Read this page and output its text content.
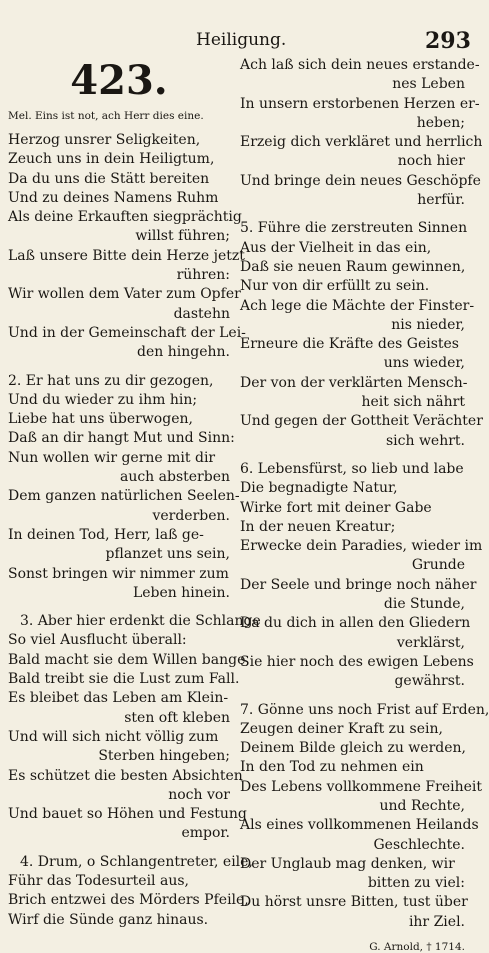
Heiligung.	293
423.
Mel. Eins ist not, ach Herr dies eine.
Herzog unsrer Seligkeiten,
Zeuch uns in dein Heiligtum,
Da du uns die Stätt bereiten
Und zu deines Namens Ruhm
Als deine Erkauften siegprächtig
willst führen;
Laß unsere Bitte dein Herze jetzt
rühren:
Wir wollen dem Vater zum Opfer
dastehn
Und in der Gemeinschaft der Lei-
den hingehn.
2. Er hat uns zu dir gezogen,
Und du wieder zu ihm hin;
Liebe hat uns überwogen,
Daß an dir hangt Mut und Sinn:
Nun wollen wir gerne mit dir
auch absterben
Dem ganzen natürlichen Seelen-
verderben.
In deinen Tod, Herr, laß ge-
pflanzet uns sein,
Sonst bringen wir nimmer zum
Leben hinein.
3. Aber hier erdenkt die Schlange
So viel Ausflucht überall:
Bald macht sie dem Willen bange,
Bald treibt sie die Lust zum Fall.
Es bleibet das Leben am Klein-
sten oft kleben
Und will sich nicht völlig zum
Sterben hingeben;
Es schützet die besten Absichten
noch vor
Und bauet so Höhen und Festung
empor.
4. Drum, o Schlangentreter, eile,
Führ das Todesurteil aus,
Brich entzwei des Mörders Pfeile,
Wirf die Sünde ganz hinaus.
Ach laß sich dein neues erstande-
nes Leben
In unsern erstorbenen Herzen er-
heben;
Erzeig dich verkläret und herrlich
noch hier
Und bringe dein neues Geschöpfe
herfür.
5. Führe die zerstreuten Sinnen
Aus der Vielheit in das ein,
Daß sie neuen Raum gewinnen,
Nur von dir erfüllt zu sein.
Ach lege die Mächte der Finster-
nis nieder,
Erneure die Kräfte des Geistes
uns wieder,
Der von der verklärten Mensch-
heit sich nährt
Und gegen der Gottheit Verächter
sich wehrt.
6. Lebensfürst, so lieb und labe
Die begnadigte Natur,
Wirke fort mit deiner Gabe
In der neuen Kreatur;
Erwecke dein Paradies, wieder im
Grunde
Der Seele und bringe noch näher
die Stunde,
Da du dich in allen den Gliedern
verklärst,
Sie hier noch des ewigen Lebens
gewährst.
7. Gönne uns noch Frist auf Erden,
Zeugen deiner Kraft zu sein,
Deinem Bilde gleich zu werden,
In den Tod zu nehmen ein
Des Lebens vollkommene Freiheit
und Rechte,
Als eines vollkommenen Heilands
Geschlechte.
Der Unglaub mag denken, wir
bitten zu viel:
Du hörst unsre Bitten, tust über
ihr Ziel.
G. Arnold, † 1714.
